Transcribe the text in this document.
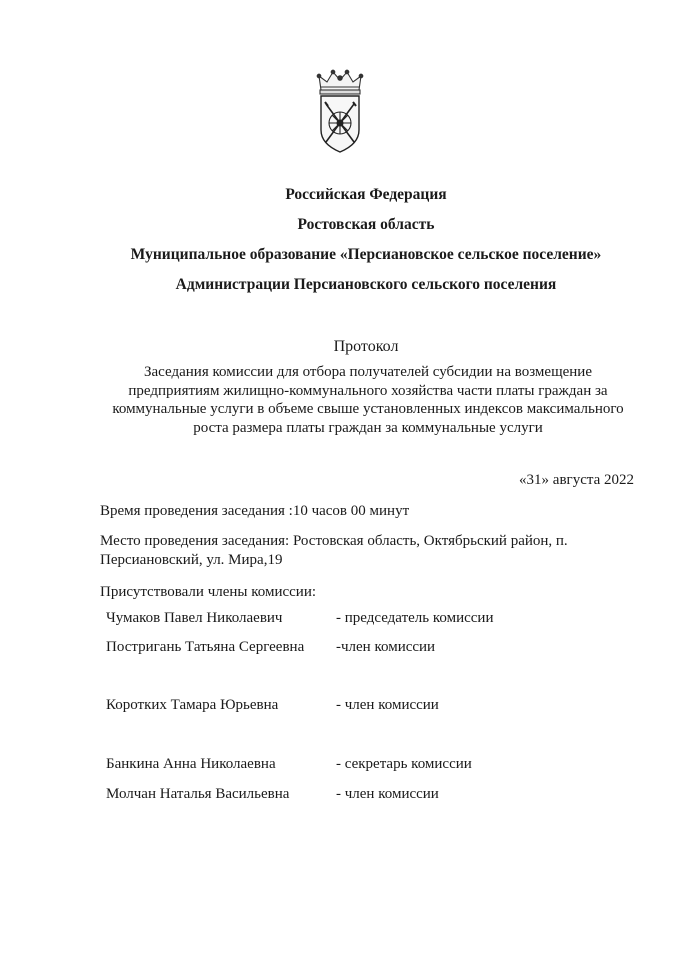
Российская Федерация
Ростовская область
Муниципальное образование «Персиановское сельское поселение»
Администрации Персиановского сельского поселения
Протокол
Заседания комиссии для отбора получателей субсидии на возмещение предприятиям жилищно-коммунального хозяйства части платы граждан за коммунальные услуги в объеме свыше установленных индексов максимального роста размера платы граждан за коммунальные услуги
«31» августа 2022
Время проведения заседания :10 часов 00 минут
Место проведения заседания: Ростовская область, Октябрьский район, п. Персиановский, ул. Мира,19
Присутствовали члены комиссии:
Чумаков Павел Николаевич	- председатель комиссии
Постригань Татьяна Сергеевна -член комиссии
Коротких Тамара Юрьевна	- член комиссии
Банкина Анна Николаевна	- секретарь комиссии
Молчан Наталья Васильевна	- член комиссии
